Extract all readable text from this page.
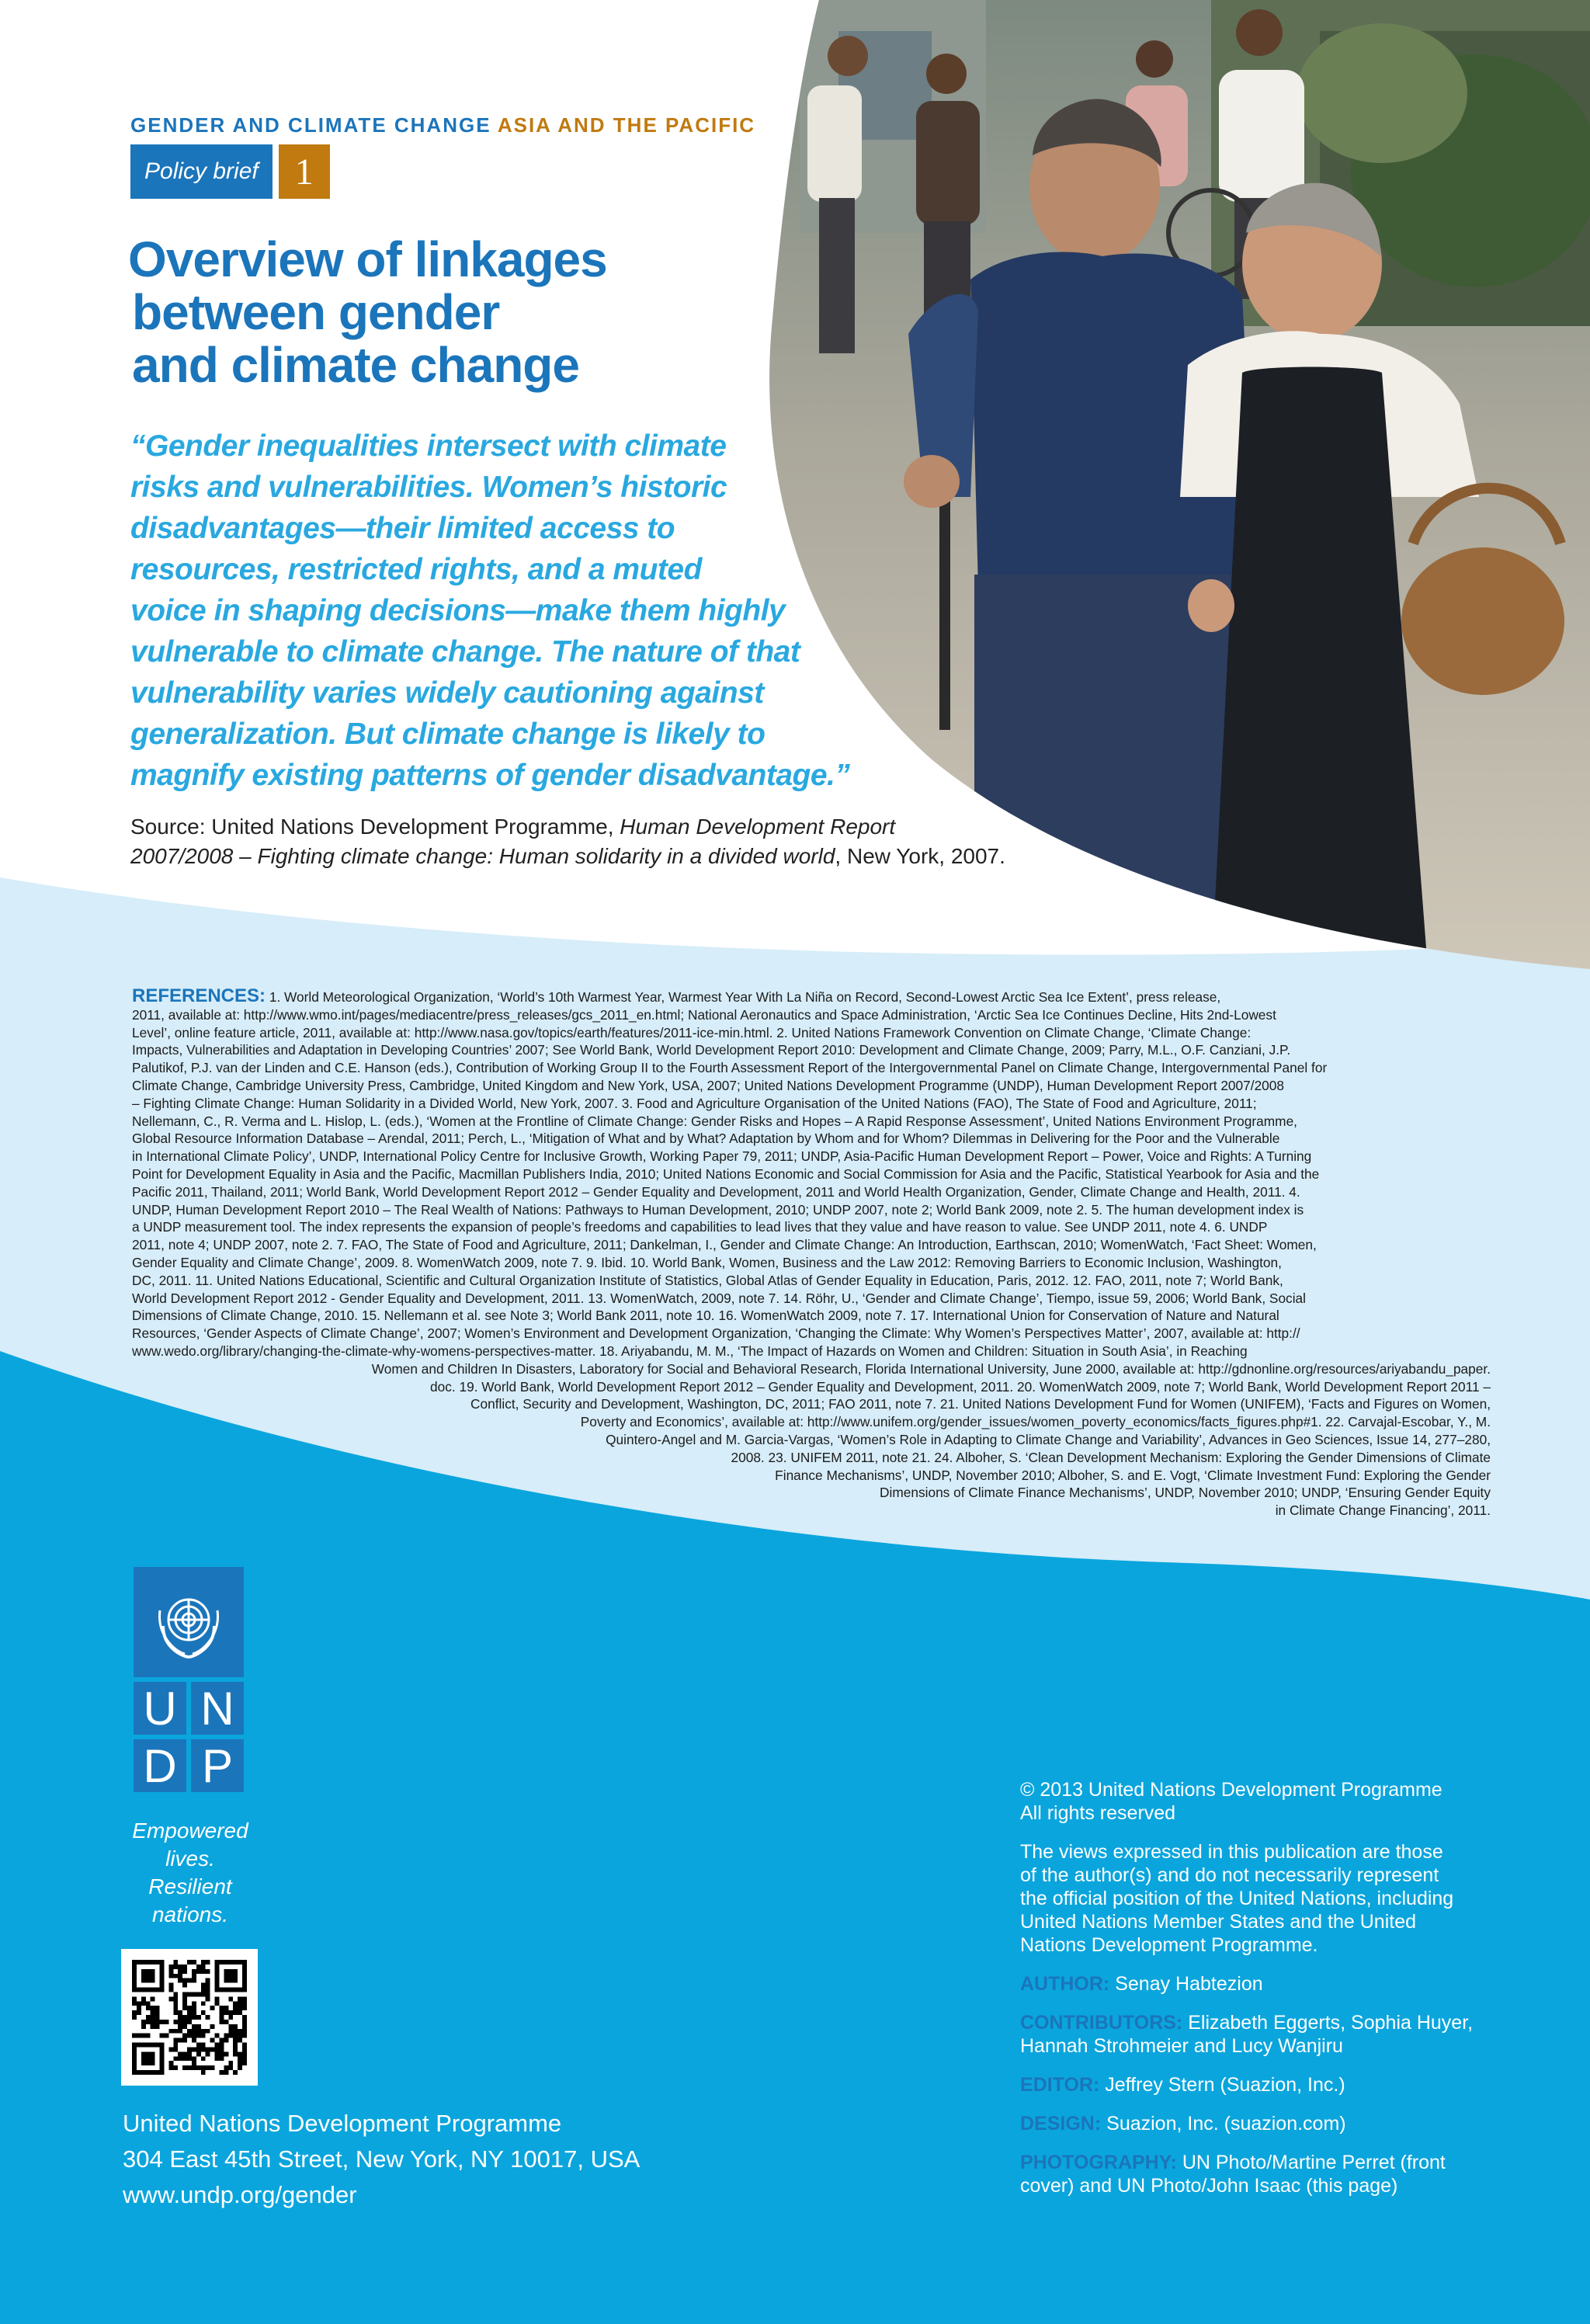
GENDER AND CLIMATE CHANGE ASIA AND THE PACIFIC
Policy brief 1
Overview of linkages
between gender
and climate change
“Gender inequalities intersect with climate
risks and vulnerabilities. Women’s historic
disadvantages—their limited access to
resources, restricted rights, and a muted
voice in shaping decisions—make them highly
vulnerable to climate change. The nature of that
vulnerability varies widely cautioning against
generalization. But climate change is likely to
magnify existing patterns of gender disadvantage.”
Source: United Nations Development Programme, Human Development Report
2007/2008 – Fighting climate change: Human solidarity in a divided world, New York, 2007.
REFERENCES: 1. World Meteorological Organization, ‘World’s 10th Warmest Year, Warmest Year With La Niña on Record, Second-Lowest Arctic Sea Ice Extent’, press release,
2011, available at: http://www.wmo.int/pages/mediacentre/press_releases/gcs_2011_en.html; National Aeronautics and Space Administration, ‘Arctic Sea Ice Continues Decline, Hits 2nd-Lowest
Level’, online feature article, 2011, available at: http://www.nasa.gov/topics/earth/features/2011-ice-min.html. 2. United Nations Framework Convention on Climate Change, ‘Climate Change:
Impacts, Vulnerabilities and Adaptation in Developing Countries’ 2007; See World Bank, World Development Report 2010: Development and Climate Change, 2009; Parry, M.L., O.F. Canziani, J.P.
Palutikof, P.J. van der Linden and C.E. Hanson (eds.), Contribution of Working Group II to the Fourth Assessment Report of the Intergovernmental Panel on Climate Change, Intergovernmental Panel for
Climate Change, Cambridge University Press, Cambridge, United Kingdom and New York, USA, 2007; United Nations Development Programme (UNDP), Human Development Report 2007/2008
– Fighting Climate Change: Human Solidarity in a Divided World, New York, 2007. 3. Food and Agriculture Organisation of the United Nations (FAO), The State of Food and Agriculture, 2011;
Nellemann, C., R. Verma and L. Hislop, L. (eds.), ‘Women at the Frontline of Climate Change: Gender Risks and Hopes – A Rapid Response Assessment’, United Nations Environment Programme,
Global Resource Information Database – Arendal, 2011; Perch, L., ‘Mitigation of What and by What? Adaptation by Whom and for Whom? Dilemmas in Delivering for the Poor and the Vulnerable
in International Climate Policy’, UNDP, International Policy Centre for Inclusive Growth, Working Paper 79, 2011; UNDP, Asia-Pacific Human Development Report – Power, Voice and Rights: A Turning
Point for Development Equality in Asia and the Pacific, Macmillan Publishers India, 2010; United Nations Economic and Social Commission for Asia and the Pacific, Statistical Yearbook for Asia and the
Pacific 2011, Thailand, 2011; World Bank, World Development Report 2012 – Gender Equality and Development, 2011 and World Health Organization, Gender, Climate Change and Health, 2011. 4.
UNDP, Human Development Report 2010 – The Real Wealth of Nations: Pathways to Human Development, 2010; UNDP 2007, note 2; World Bank 2009, note 2. 5. The human development index is
a UNDP measurement tool. The index represents the expansion of people’s freedoms and capabilities to lead lives that they value and have reason to value. See UNDP 2011, note 4. 6. UNDP
2011, note 4; UNDP 2007, note 2. 7. FAO, The State of Food and Agriculture, 2011; Dankelman, I., Gender and Climate Change: An Introduction, Earthscan, 2010; WomenWatch, ‘Fact Sheet: Women,
Gender Equality and Climate Change’, 2009. 8. WomenWatch 2009, note 7. 9. Ibid. 10. World Bank, Women, Business and the Law 2012: Removing Barriers to Economic Inclusion, Washington,
DC, 2011. 11. United Nations Educational, Scientific and Cultural Organization Institute of Statistics, Global Atlas of Gender Equality in Education, Paris, 2012. 12. FAO, 2011, note 7; World Bank,
World Development Report 2012 - Gender Equality and Development, 2011. 13. WomenWatch, 2009, note 7. 14. Röhr, U., ‘Gender and Climate Change’, Tiempo, issue 59, 2006; World Bank, Social
Dimensions of Climate Change, 2010. 15. Nellemann et al. see Note 3; World Bank 2011, note 10. 16. WomenWatch 2009, note 7. 17. International Union for Conservation of Nature and Natural
Resources, ‘Gender Aspects of Climate Change’, 2007; Women’s Environment and Development Organization, ‘Changing the Climate: Why Women’s Perspectives Matter’, 2007, available at: http://
www.wedo.org/library/changing-the-climate-why-womens-perspectives-matter. 18. Ariyabandu, M. M., ‘The Impact of Hazards on Women and Children: Situation in South Asia’, in Reaching
Women and Children In Disasters, Laboratory for Social and Behavioral Research, Florida International University, June 2000, available at: http://gdnonline.org/resources/ariyabandu_paper.
doc. 19. World Bank, World Development Report 2012 – Gender Equality and Development, 2011. 20. WomenWatch 2009, note 7; World Bank, World Development Report 2011 –
Conflict, Security and Development, Washington, DC, 2011; FAO 2011, note 7. 21. United Nations Development Fund for Women (UNIFEM), ‘Facts and Figures on Women,
Poverty and Economics’, available at: http://www.unifem.org/gender_issues/women_poverty_economics/facts_figures.php#1. 22. Carvajal-Escobar, Y., M.
Quintero-Angel and M. Garcia-Vargas, ‘Women’s Role in Adapting to Climate Change and Variability’, Advances in Geo Sciences, Issue 14, 277–280,
2008. 23. UNIFEM 2011, note 21. 24. Alboher, S. ‘Clean Development Mechanism: Exploring the Gender Dimensions of Climate
Finance Mechanisms’, UNDP, November 2010; Alboher, S. and E. Vogt, ‘Climate Investment Fund: Exploring the Gender
Dimensions of Climate Finance Mechanisms’, UNDP, November 2010; UNDP, ‘Ensuring Gender Equity
in Climate Change Financing’, 2011.
U N
D P
Empowered lives.
Resilient nations.
United Nations Development Programme
304 East 45th Street, New York, NY 10017, USA
www.undp.org/gender

© 2013 United Nations Development Programme
All rights reserved

The views expressed in this publication are those
of the author(s) and do not necessarily represent
the official position of the United Nations, including
United Nations Member States and the United
Nations Development Programme.

AUTHOR: Senay Habtezion

CONTRIBUTORS: Elizabeth Eggerts, Sophia Huyer,
Hannah Strohmeier and Lucy Wanjiru

EDITOR: Jeffrey Stern (Suazion, Inc.)

DESIGN: Suazion, Inc. (suazion.com)

PHOTOGRAPHY: UN Photo/Martine Perret (front
cover) and UN Photo/John Isaac (this page)
